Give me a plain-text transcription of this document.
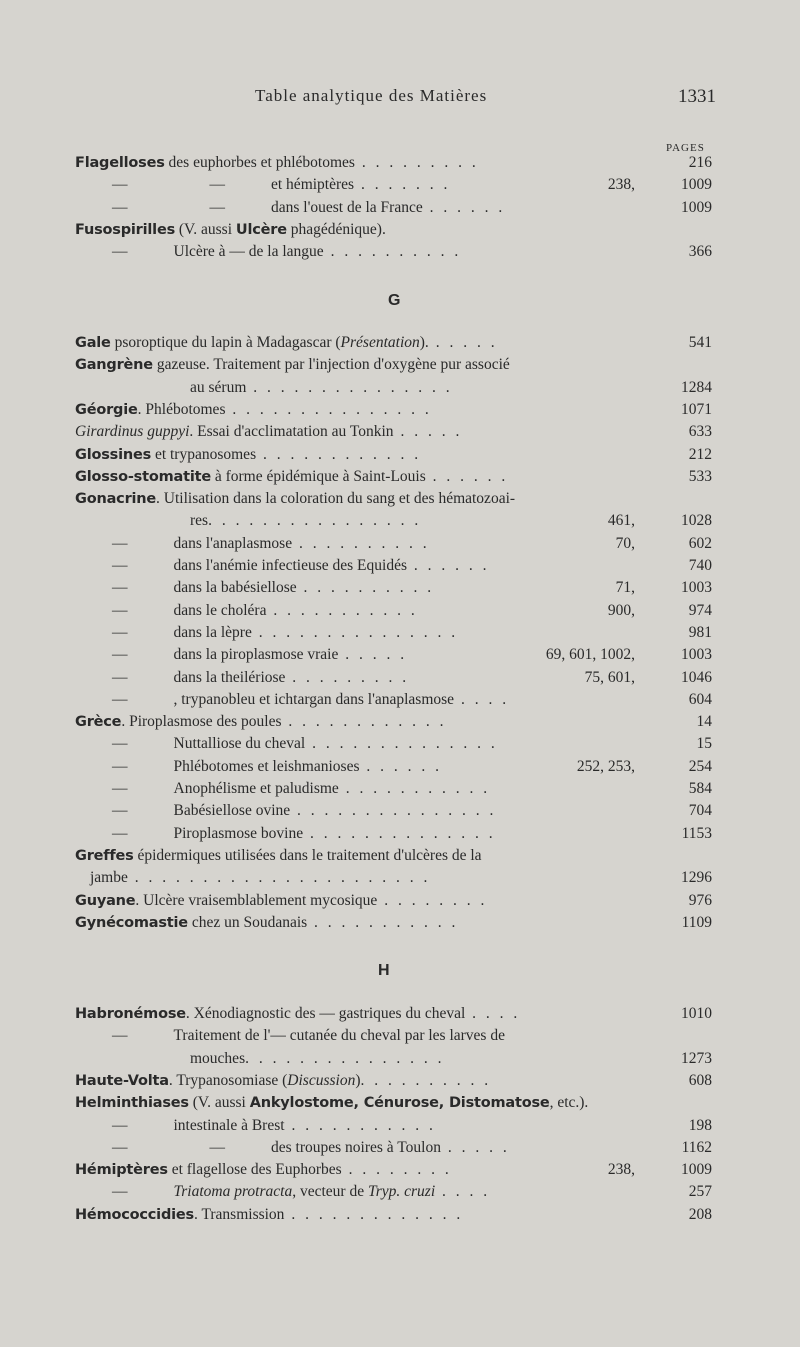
Table analytique des Matières	1331
PAGES
Flagelloses des euphorbes et phlébotomes . . . . . . . . .	216
—	—	et hémiptères . . . . . . .	238,	1009
—	—	dans l'ouest de la France . . . . . .	1009
Fusospirilles (V. aussi Ulcère phagédénique).
—	Ulcère à — de la langue . . . . . . . . . .	366
G
Gale psoroptique du lapin à Madagascar (Présentation). . . . . .	541
Gangrène gazeuse. Traitement par l'injection d'oxygène pur associé
au sérum . . . . . . . . . . . . . . .	1284
Géorgie. Phlébotomes . . . . . . . . . . . . . . .	1071
Girardinus guppyi. Essai d'acclimatation au Tonkin . . . . .	633
Glossines et trypanosomes . . . . . . . . . . . .	212
Glosso-stomatite à forme épidémique à Saint-Louis . . . . . .	533
Gonacrine. Utilisation dans la coloration du sang et des hématozoai-
res. . . . . . . . . . . . . . . .	461,	1028
—	dans l'anaplasmose . . . . . . . . . .	70,	602
—	dans l'anémie infectieuse des Equidés . . . . . .	740
—	dans la babésiellose . . . . . . . . . .	71,	1003
—	dans le choléra . . . . . . . . . . .	900,	974
—	dans la lèpre . . . . . . . . . . . . . . .	981
—	dans la piroplasmose vraie . . . . .	69, 601, 1002,	1003
—	dans la theilériose . . . . . . . . .	75, 601,	1046
—	, trypanobleu et ichtargan dans l'anaplasmose . . . .	604
Grèce. Piroplasmose des poules . . . . . . . . . . . .	14
—	Nuttalliose du cheval . . . . . . . . . . . . . .	15
—	Phlébotomes et leishmanioses . . . . . .	252, 253,	254
—	Anophélisme et paludisme . . . . . . . . . . .	584
—	Babésiellose ovine . . . . . . . . . . . . . . .	704
—	Piroplasmose bovine . . . . . . . . . . . . . .	1153
Greffes épidermiques utilisées dans le traitement d'ulcères de la
jambe . . . . . . . . . . . . . . . . . . . . . .	1296
Guyane. Ulcère vraisemblablement mycosique . . . . . . . .	976
Gynécomastie chez un Soudanais . . . . . . . . . . .	1109
H
Habronémose. Xénodiagnostic des — gastriques du cheval . . . .	1010
—	Traitement de l'— cutanée du cheval par les larves de
mouches. . . . . . . . . . . . . . .	1273
Haute-Volta. Trypanosomiase (Discussion). . . . . . . . . .	608
Helminthiases (V. aussi Ankylostome, Cénurose, Distomatose, etc.).
—	intestinale à Brest . . . . . . . . . . .	198
—	—	des troupes noires à Toulon . . . . .	1162
Hémiptères et flagellose des Euphorbes . . . . . . . .	238,	1009
—	Triatoma protracta, vecteur de Tryp. cruzi . . . .	257
Hémococcidies. Transmission . . . . . . . . . . . . .	208
